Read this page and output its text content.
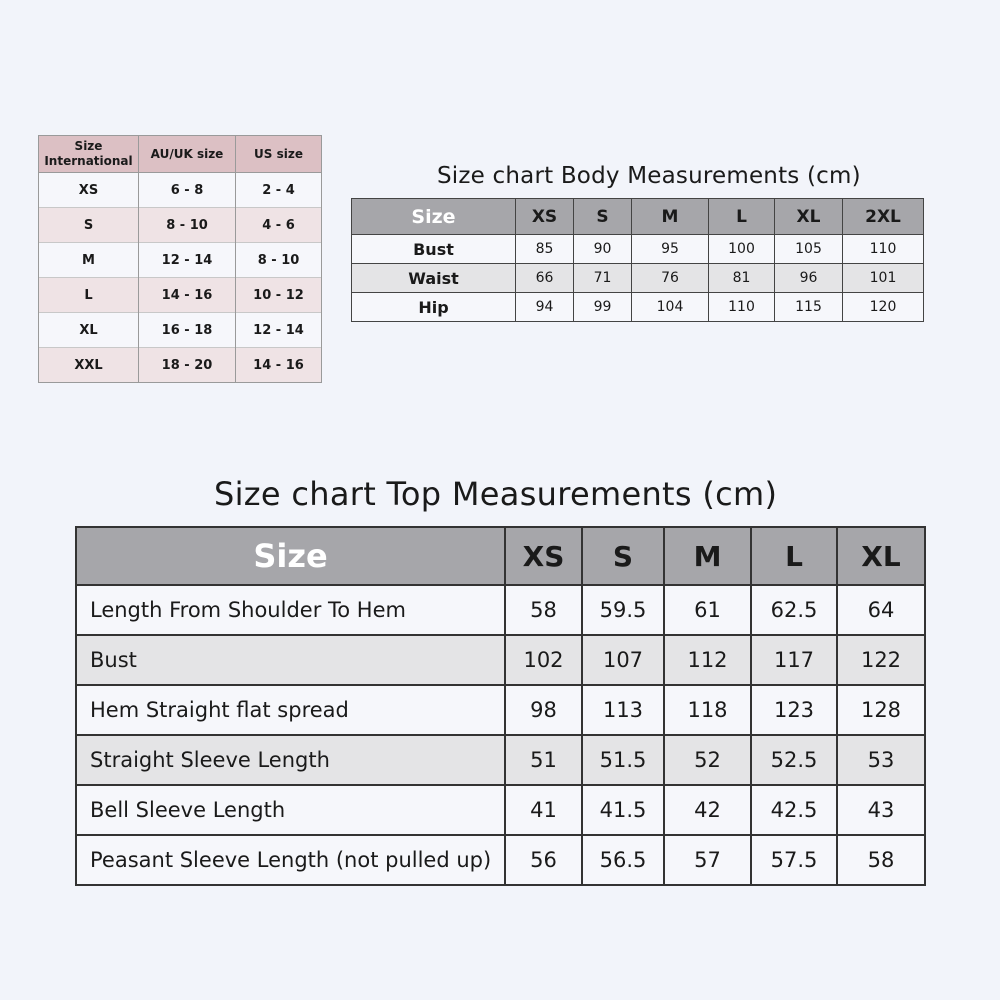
Size International	AU/UK size	US size
XS	6 - 8	2 - 4
S	8 - 10	4 - 6
M	12 - 14	8 - 10
L	14 - 16	10 - 12
XL	16 - 18	12 - 14
XXL	18 - 20	14 - 16
Size chart Body Measurements (cm)
Size	XS	S	M	L	XL	2XL
Bust	85	90	95	100	105	110
Waist	66	71	76	81	96	101
Hip	94	99	104	110	115	120
Size chart Top Measurements (cm)
Size	XS	S	M	L	XL
Length From Shoulder To Hem	58	59.5	61	62.5	64
Bust	102	107	112	117	122
Hem Straight flat spread	98	113	118	123	128
Straight Sleeve Length	51	51.5	52	52.5	53
Bell Sleeve Length	41	41.5	42	42.5	43
Peasant Sleeve Length (not pulled up)	56	56.5	57	57.5	58
